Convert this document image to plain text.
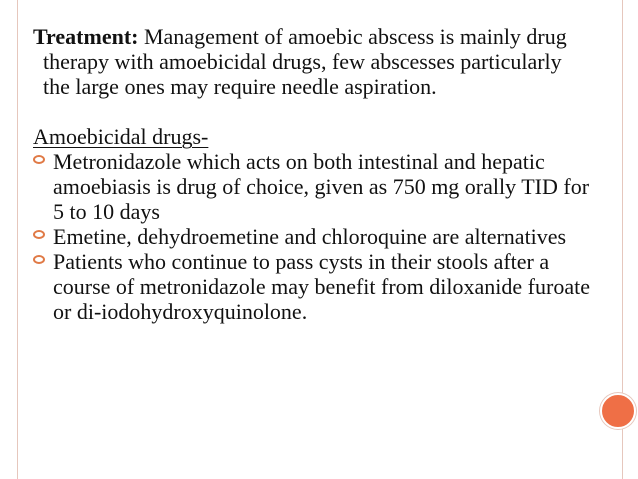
Treatment: Management of amoebic abscess is mainly drug therapy with amoebicidal drugs, few abscesses particularly the large ones may require needle aspiration.

Amoebicidal drugs-

Metronidazole which acts on both intestinal and hepatic amoebiasis is drug of choice, given as 750 mg orally TID for 5 to 10 days
Emetine, dehydroemetine and chloroquine are alternatives
Patients who continue to pass cysts in their stools after a course of metronidazole may benefit from diloxanide furoate or di-iodohydroxyquinolone.
